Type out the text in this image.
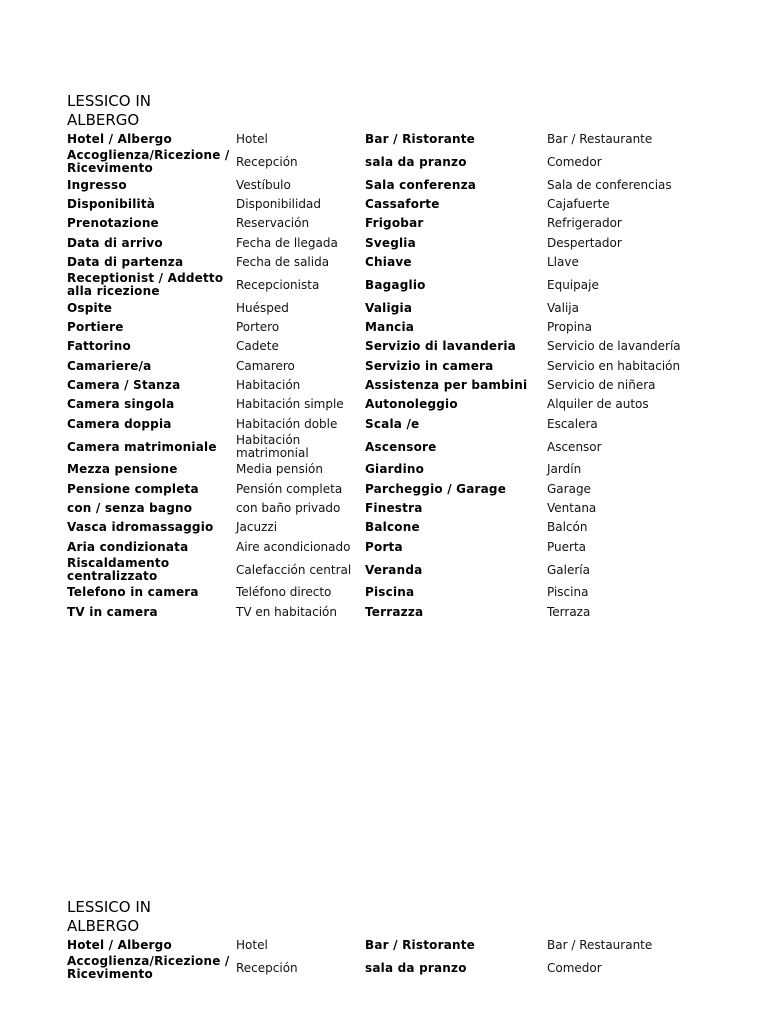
LESSICO IN ALBERGO
Hotel / Albergo	Hotel	Bar / Ristorante	Bar / Restaurante
Accoglienza/Ricezione / Ricevimento	Recepción	sala da pranzo	Comedor
Ingresso	Vestíbulo	Sala conferenza	Sala de conferencias
Disponibilità	Disponibilidad	Cassaforte	Cajafuerte
Prenotazione	Reservación	Frigobar	Refrigerador
Data di arrivo	Fecha de llegada	Sveglia	Despertador
Data di partenza	Fecha de salida	Chiave	Llave
Receptionist / Addetto alla ricezione	Recepcionista	Bagaglio	Equipaje
Ospite	Huésped	Valigia	Valija
Portiere	Portero	Mancia	Propina
Fattorino	Cadete	Servizio di lavanderia	Servicio de lavandería
Camariere/a	Camarero	Servizio in camera	Servicio en habitación
Camera / Stanza	Habitación	Assistenza per bambini	Servicio de niñera
Camera singola	Habitación simple	Autonoleggio	Alquiler de autos
Camera doppia	Habitación doble	Scala /e	Escalera
Camera matrimoniale	Habitación matrimonial	Ascensore	Ascensor
Mezza pensione	Media pensión	Giardino	Jardín
Pensione completa	Pensión completa	Parcheggio / Garage	Garage
con / senza bagno	con baño privado	Finestra	Ventana
Vasca idromassaggio	Jacuzzi	Balcone	Balcón
Aria condizionata	Aire acondicionado	Porta	Puerta
Riscaldamento centralizzato	Calefacción central	Veranda	Galería
Telefono in camera	Teléfono directo	Piscina	Piscina
TV in camera	TV en habitación	Terrazza	Terraza
LESSICO IN ALBERGO
Hotel / Albergo	Hotel	Bar / Ristorante	Bar / Restaurante
Accoglienza/Ricezione / Ricevimento	Recepción	sala da pranzo	Comedor
